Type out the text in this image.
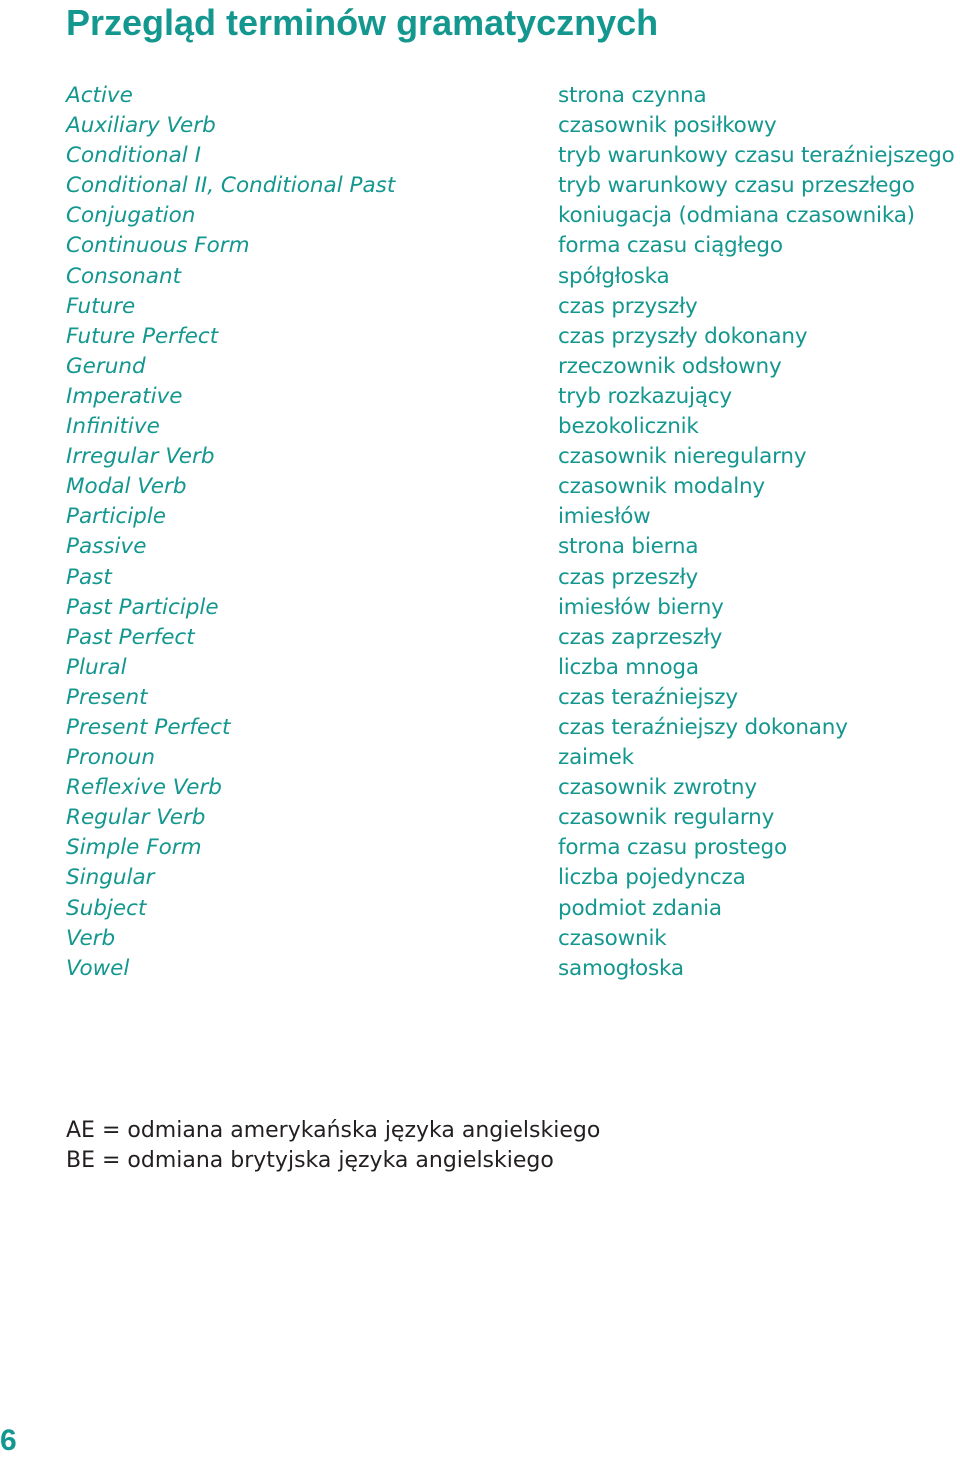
Przegląd terminów gramatycznych
Active
Auxiliary Verb
Conditional I
Conditional II, Conditional Past
Conjugation
Continuous Form
Consonant
Future
Future Perfect
Gerund
Imperative
Infinitive
Irregular Verb
Modal Verb
Participle
Passive
Past
Past Participle
Past Perfect
Plural
Present
Present Perfect
Pronoun
Reflexive Verb
Regular Verb
Simple Form
Singular
Subject
Verb
Vowel
strona czynna
czasownik posiłkowy
tryb warunkowy czasu teraźniejszego
tryb warunkowy czasu przeszłego
koniugacja (odmiana czasownika)
forma czasu ciągłego
spółgłoska
czas przyszły
czas przyszły dokonany
rzeczownik odsłowny
tryb rozkazujący
bezokolicznik
czasownik nieregularny
czasownik modalny
imiesłów
strona bierna
czas przeszły
imiesłów bierny
czas zaprzeszły
liczba mnoga
czas teraźniejszy
czas teraźniejszy dokonany
zaimek
czasownik zwrotny
czasownik regularny
forma czasu prostego
liczba pojedyncza
podmiot zdania
czasownik
samogłoska
AE = odmiana amerykańska języka angielskiego
BE = odmiana brytyjska języka angielskiego
6
